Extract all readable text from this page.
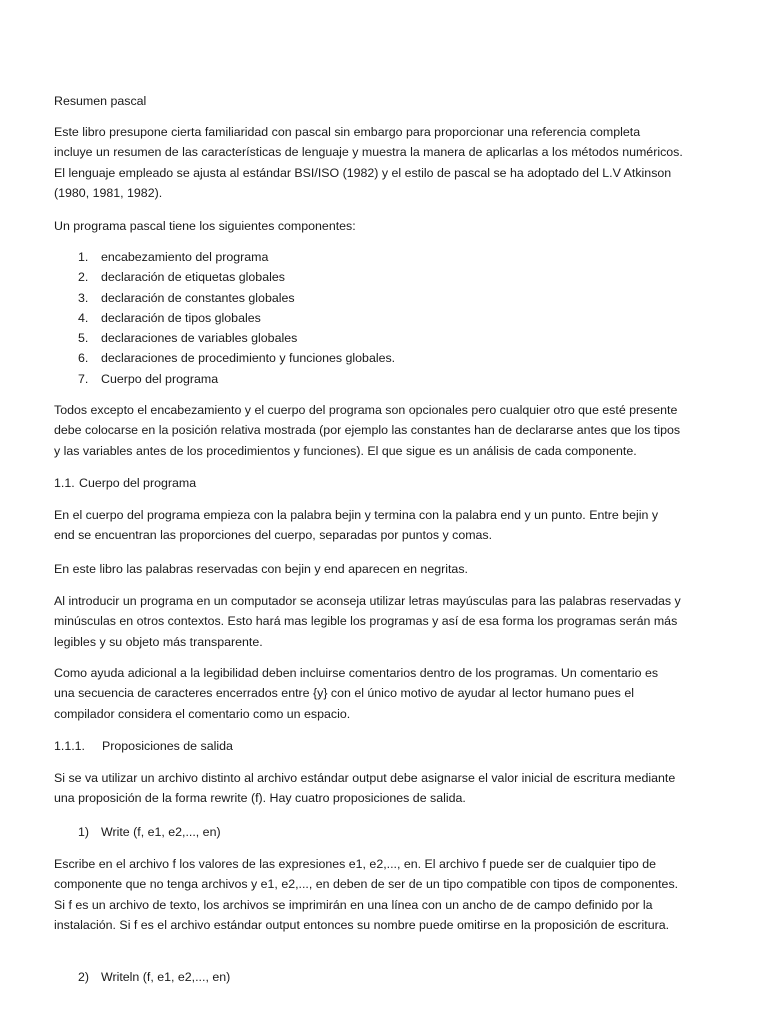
Resumen pascal

Este libro presupone cierta familiaridad con pascal sin embargo para proporcionar una referencia completa
incluye un resumen de las características de lenguaje y muestra la manera de aplicarlas a los métodos numéricos.
El lenguaje empleado se ajusta al estándar BSI/ISO (1982) y el estilo de pascal se ha adoptado del L.V Atkinson
(1980, 1981, 1982).

Un programa pascal tiene los siguientes componentes:

1. encabezamiento del programa
2. declaración de etiquetas globales
3. declaración de constantes globales
4. declaración de tipos globales
5. declaraciones de variables globales
6. declaraciones de procedimiento y funciones globales.
7. Cuerpo del programa

Todos excepto el encabezamiento y el cuerpo del programa son opcionales pero cualquier otro que esté presente
debe colocarse en la posición relativa mostrada (por ejemplo las constantes han de declararse antes que los tipos
y las variables antes de los procedimientos y funciones). El que sigue es un análisis de cada componente.

1.1. Cuerpo del programa

En el cuerpo del programa empieza con la palabra bejin y termina con la palabra end y un punto. Entre bejin y
end se encuentran las proporciones del cuerpo, separadas por puntos y comas.

En este libro las palabras reservadas con bejin y end aparecen en negritas.

Al introducir un programa en un computador se aconseja utilizar letras mayúsculas para las palabras reservadas y
minúsculas en otros contextos. Esto hará mas legible los programas y así de esa forma los programas serán más
legibles y su objeto más transparente.

Como ayuda adicional a la legibilidad deben incluirse comentarios dentro de los programas. Un comentario es
una secuencia de caracteres encerrados entre {y} con el único motivo de ayudar al lector humano pues el
compilador considera el comentario como un espacio.

1.1.1. Proposiciones de salida

Si se va utilizar un archivo distinto al archivo estándar output debe asignarse el valor inicial de escritura mediante
una proposición de la forma rewrite (f). Hay cuatro proposiciones de salida.

1) Write (f, e1, e2,..., en)

Escribe en el archivo f los valores de las expresiones e1, e2,..., en. El archivo f puede ser de cualquier tipo de
componente que no tenga archivos y e1, e2,..., en deben de ser de un tipo compatible con tipos de componentes.
Si f es un archivo de texto, los archivos se imprimirán en una línea con un ancho de de campo definido por la
instalación. Si f es el archivo estándar output entonces su nombre puede omitirse en la proposición de escritura.

2) Writeln (f, e1, e2,..., en)
